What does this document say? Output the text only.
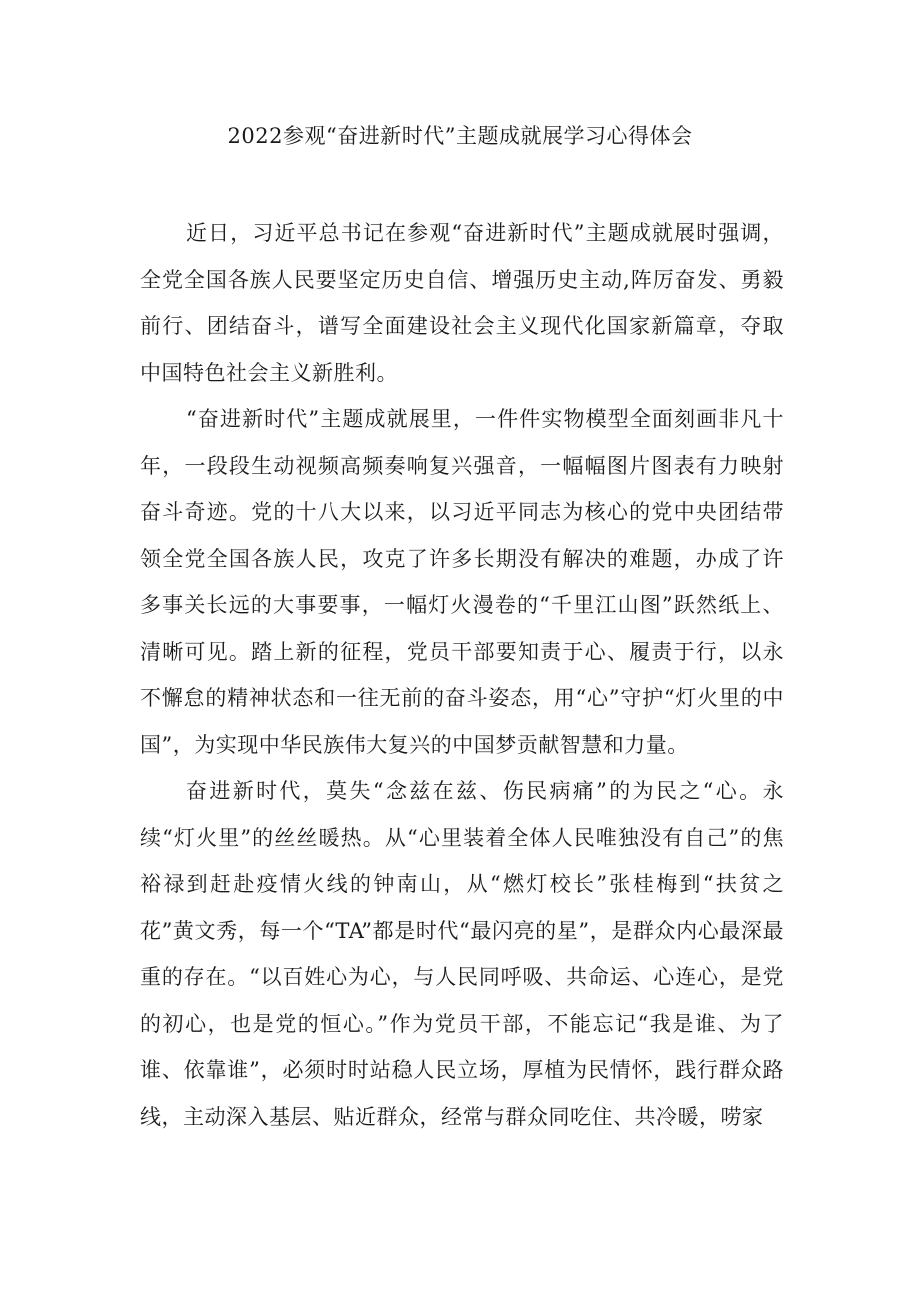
2022参观“奋进新时代”主题成就展学习心得体会

近日，习近平总书记在参观“奋进新时代”主题成就展时强调，全党全国各族人民要坚定历史自信、增强历史主动,阵厉奋发、勇毅前行、团结奋斗，谱写全面建设社会主义现代化国家新篇章，夺取中国特色社会主义新胜利。

“奋进新时代”主题成就展里，一件件实物模型全面刻画非凡十年，一段段生动视频高频奏响复兴强音，一幅幅图片图表有力映射奋斗奇迹。党的十八大以来，以习近平同志为核心的党中央团结带领全党全国各族人民，攻克了许多长期没有解决的难题，办成了许多事关长远的大事要事，一幅灯火漫卷的“千里江山图”跃然纸上、清晰可见。踏上新的征程，党员干部要知责于心、履责于行，以永不懈怠的精神状态和一往无前的奋斗姿态，用“心”守护“灯火里的中国”，为实现中华民族伟大复兴的中国梦贡献智慧和力量。

奋进新时代，莫失“念兹在兹、伤民病痛”的为民之“心。永续“灯火里”的丝丝暖热。从“心里装着全体人民唯独没有自己”的焦裕禄到赶赴疫情火线的钟南山，从“燃灯校长”张桂梅到“扶贫之花”黄文秀，每一个“TA”都是时代“最闪亮的星”，是群众内心最深最重的存在。“以百姓心为心，与人民同呼吸、共命运、心连心，是党的初心，也是党的恒心。”作为党员干部，不能忘记“我是谁、为了谁、依靠谁”，必须时时站稳人民立场，厚植为民情怀，践行群众路线，主动深入基层、贴近群众，经常与群众同吃住、共冷暖，唠家
